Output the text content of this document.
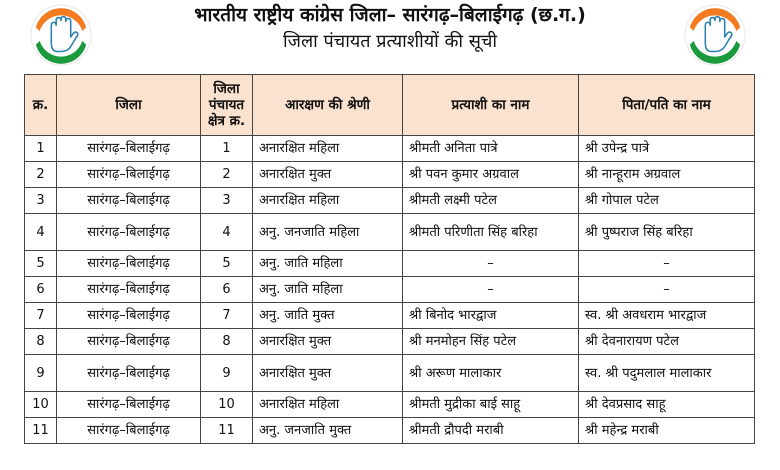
भारतीय राष्ट्रीय कांग्रेस जिला– सारंगढ़–बिलाईगढ़ (छ.ग.)
जिला पंचायत प्रत्याशीयों की सूची
क्र.	जिला	जिला पंचायत क्षेत्र क्र.	आरक्षण की श्रेणी	प्रत्याशी का नाम	पिता/पति का नाम
1	सारंगढ़–बिलाईगढ़	1	अनारक्षित महिला	श्रीमती अनिता पात्रे	श्री उपेन्द्र पात्रे
2	सारंगढ़–बिलाईगढ़	2	अनारक्षित मुक्त	श्री पवन कुमार अग्रवाल	श्री नान्हूराम अग्रवाल
3	सारंगढ़–बिलाईगढ़	3	अनारक्षित महिला	श्रीमती लक्ष्मी पटेल	श्री गोपाल पटेल
4	सारंगढ़–बिलाईगढ़	4	अनु. जनजाति महिला	श्रीमती परिणीता सिंह बरिहा	श्री पुष्पराज सिंह बरिहा
5	सारंगढ़–बिलाईगढ़	5	अनु. जाति महिला	–	–
6	सारंगढ़–बिलाईगढ़	6	अनु. जाति महिला	–	–
7	सारंगढ़–बिलाईगढ़	7	अनु. जाति मुक्त	श्री बिनोद भारद्वाज	स्व. श्री अवधराम भारद्वाज
8	सारंगढ़–बिलाईगढ़	8	अनारक्षित मुक्त	श्री मनमोहन सिंह पटेल	श्री देवनारायण पटेल
9	सारंगढ़–बिलाईगढ़	9	अनारक्षित मुक्त	श्री अरूण मालाकार	स्व. श्री पदुमलाल मालाकार
10	सारंगढ़–बिलाईगढ़	10	अनारक्षित महिला	श्रीमती मुद्रीका बाई साहू	श्री देवप्रसाद साहू
11	सारंगढ़–बिलाईगढ़	11	अनु. जनजाति मुक्त	श्रीमती द्रौपदी मराबी	श्री महेन्द्र मराबी
